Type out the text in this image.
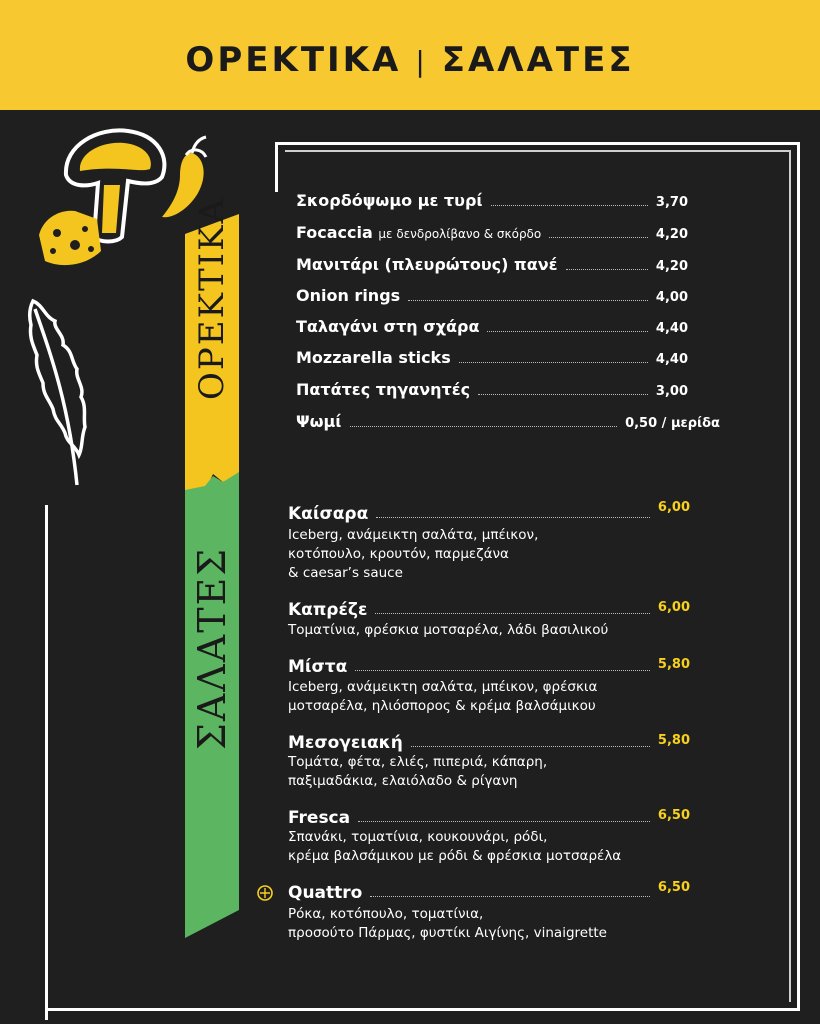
ΟΡΕΚΤΙΚΑ | ΣΑΛΑΤΕΣ
ΟΡΕΚΤΙΚΑ
ΣΑΛΑΤΕΣ
Σκορδόψωμο με τυρί	3,70
Focaccia με δενδρολίβανο & σκόρδο	4,20
Μανιτάρι (πλευρώτους) πανέ	4,20
Onion rings	4,00
Ταλαγάνι στη σχάρα	4,40
Mozzarella sticks	4,40
Πατάτες τηγανητές	3,00
Ψωμί	0,50 / μερίδα
Καίσαρα	6,00
Iceberg, ανάμεικτη σαλάτα, μπέικον,
κοτόπουλο, κρουτόν, παρμεζάνα
& caesar’s sauce
Καπρέζε	6,00
Τοματίνια, φρέσκια μοτσαρέλα, λάδι βασιλικού
Μίστα	5,80
Iceberg, ανάμεικτη σαλάτα, μπέικον, φρέσκια
μοτσαρέλα, ηλιόσπορος & κρέμα βαλσάμικου
Μεσογειακή	5,80
Τομάτα, φέτα, ελιές, πιπεριά, κάπαρη,
παξιμαδάκια, ελαιόλαδο & ρίγανη
Fresca	6,50
Σπανάκι, τοματίνια, κουκουνάρι, ρόδι,
κρέμα βαλσάμικου με ρόδι & φρέσκια μοτσαρέλα
Quattro	6,50
Ρόκα, κοτόπουλο, τοματίνια,
προσούτο Πάρμας, φυστίκι Αιγίνης, vinaigrette
